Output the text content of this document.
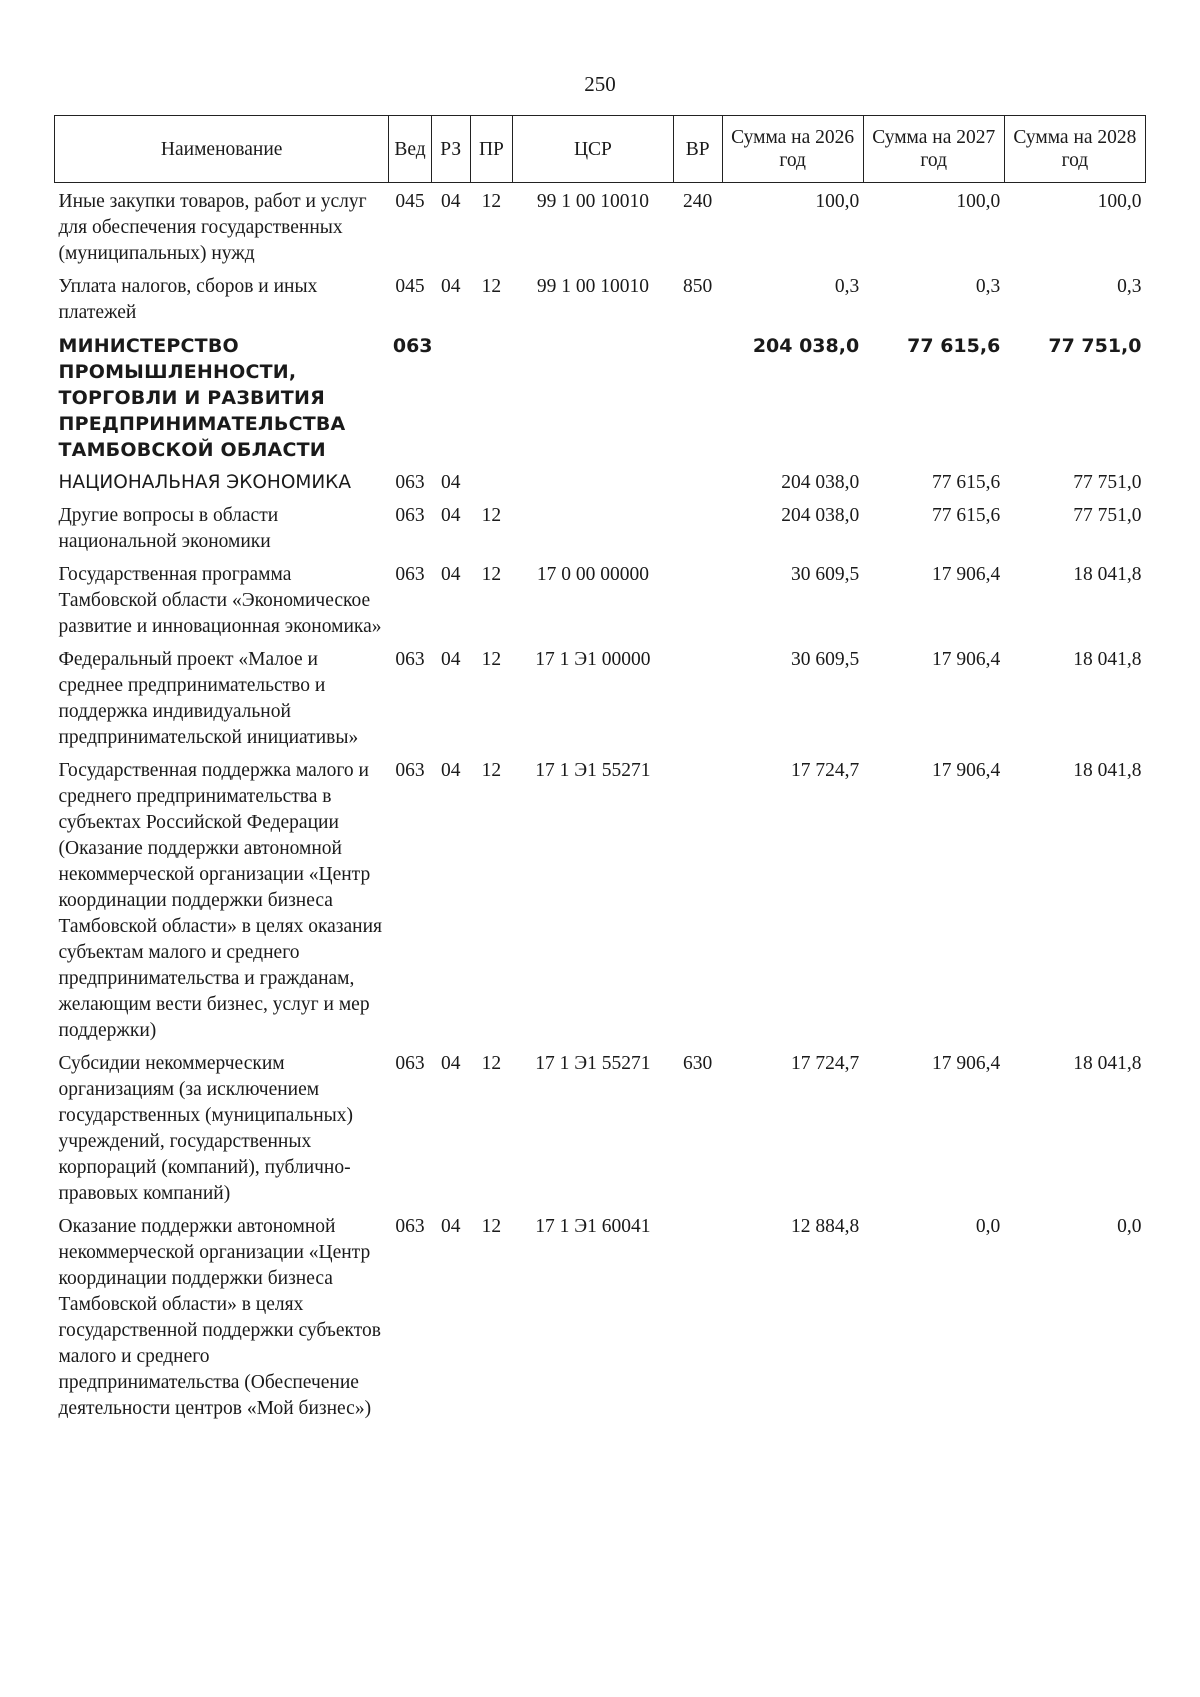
250
Наименование	Вед	РЗ	ПР	ЦСР	ВР	Сумма на 2026 год	Сумма на 2027 год	Сумма на 2028 год
Иные закупки товаров, работ и услуг для обеспечения государственных (муниципальных) нужд	045	04	12	99 1 00 10010	240	100,0	100,0	100,0
Уплата налогов, сборов и иных платежей	045	04	12	99 1 00 10010	850	0,3	0,3	0,3
МИНИСТЕРСТВО ПРОМЫШЛЕННОСТИ, ТОРГОВЛИ И РАЗВИТИЯ ПРЕДПРИНИМАТЕЛЬСТВА ТАМБОВСКОЙ ОБЛАСТИ	063					204 038,0	77 615,6	77 751,0
НАЦИОНАЛЬНАЯ ЭКОНОМИКА	063	04				204 038,0	77 615,6	77 751,0
Другие вопросы в области национальной экономики	063	04	12			204 038,0	77 615,6	77 751,0
Государственная программа Тамбовской области «Экономическое развитие и инновационная экономика»	063	04	12	17 0 00 00000		30 609,5	17 906,4	18 041,8
Федеральный проект «Малое и среднее предпринимательство и поддержка индивидуальной предпринимательской инициативы»	063	04	12	17 1 Э1 00000		30 609,5	17 906,4	18 041,8
Государственная поддержка малого и среднего предпринимательства в субъектах Российской Федерации (Оказание поддержки автономной некоммерческой организации «Центр координации поддержки бизнеса Тамбовской области» в целях оказания субъектам малого и среднего предпринимательства и гражданам, желающим вести бизнес, услуг и мер поддержки)	063	04	12	17 1 Э1 55271		17 724,7	17 906,4	18 041,8
Субсидии некоммерческим организациям (за исключением государственных (муниципальных) учреждений, государственных корпораций (компаний), публично-правовых компаний)	063	04	12	17 1 Э1 55271	630	17 724,7	17 906,4	18 041,8
Оказание поддержки автономной некоммерческой организации «Центр координации поддержки бизнеса Тамбовской области» в целях государственной поддержки субъектов малого и среднего предпринимательства (Обеспечение деятельности центров «Мой бизнес»)	063	04	12	17 1 Э1 60041		12 884,8	0,0	0,0
